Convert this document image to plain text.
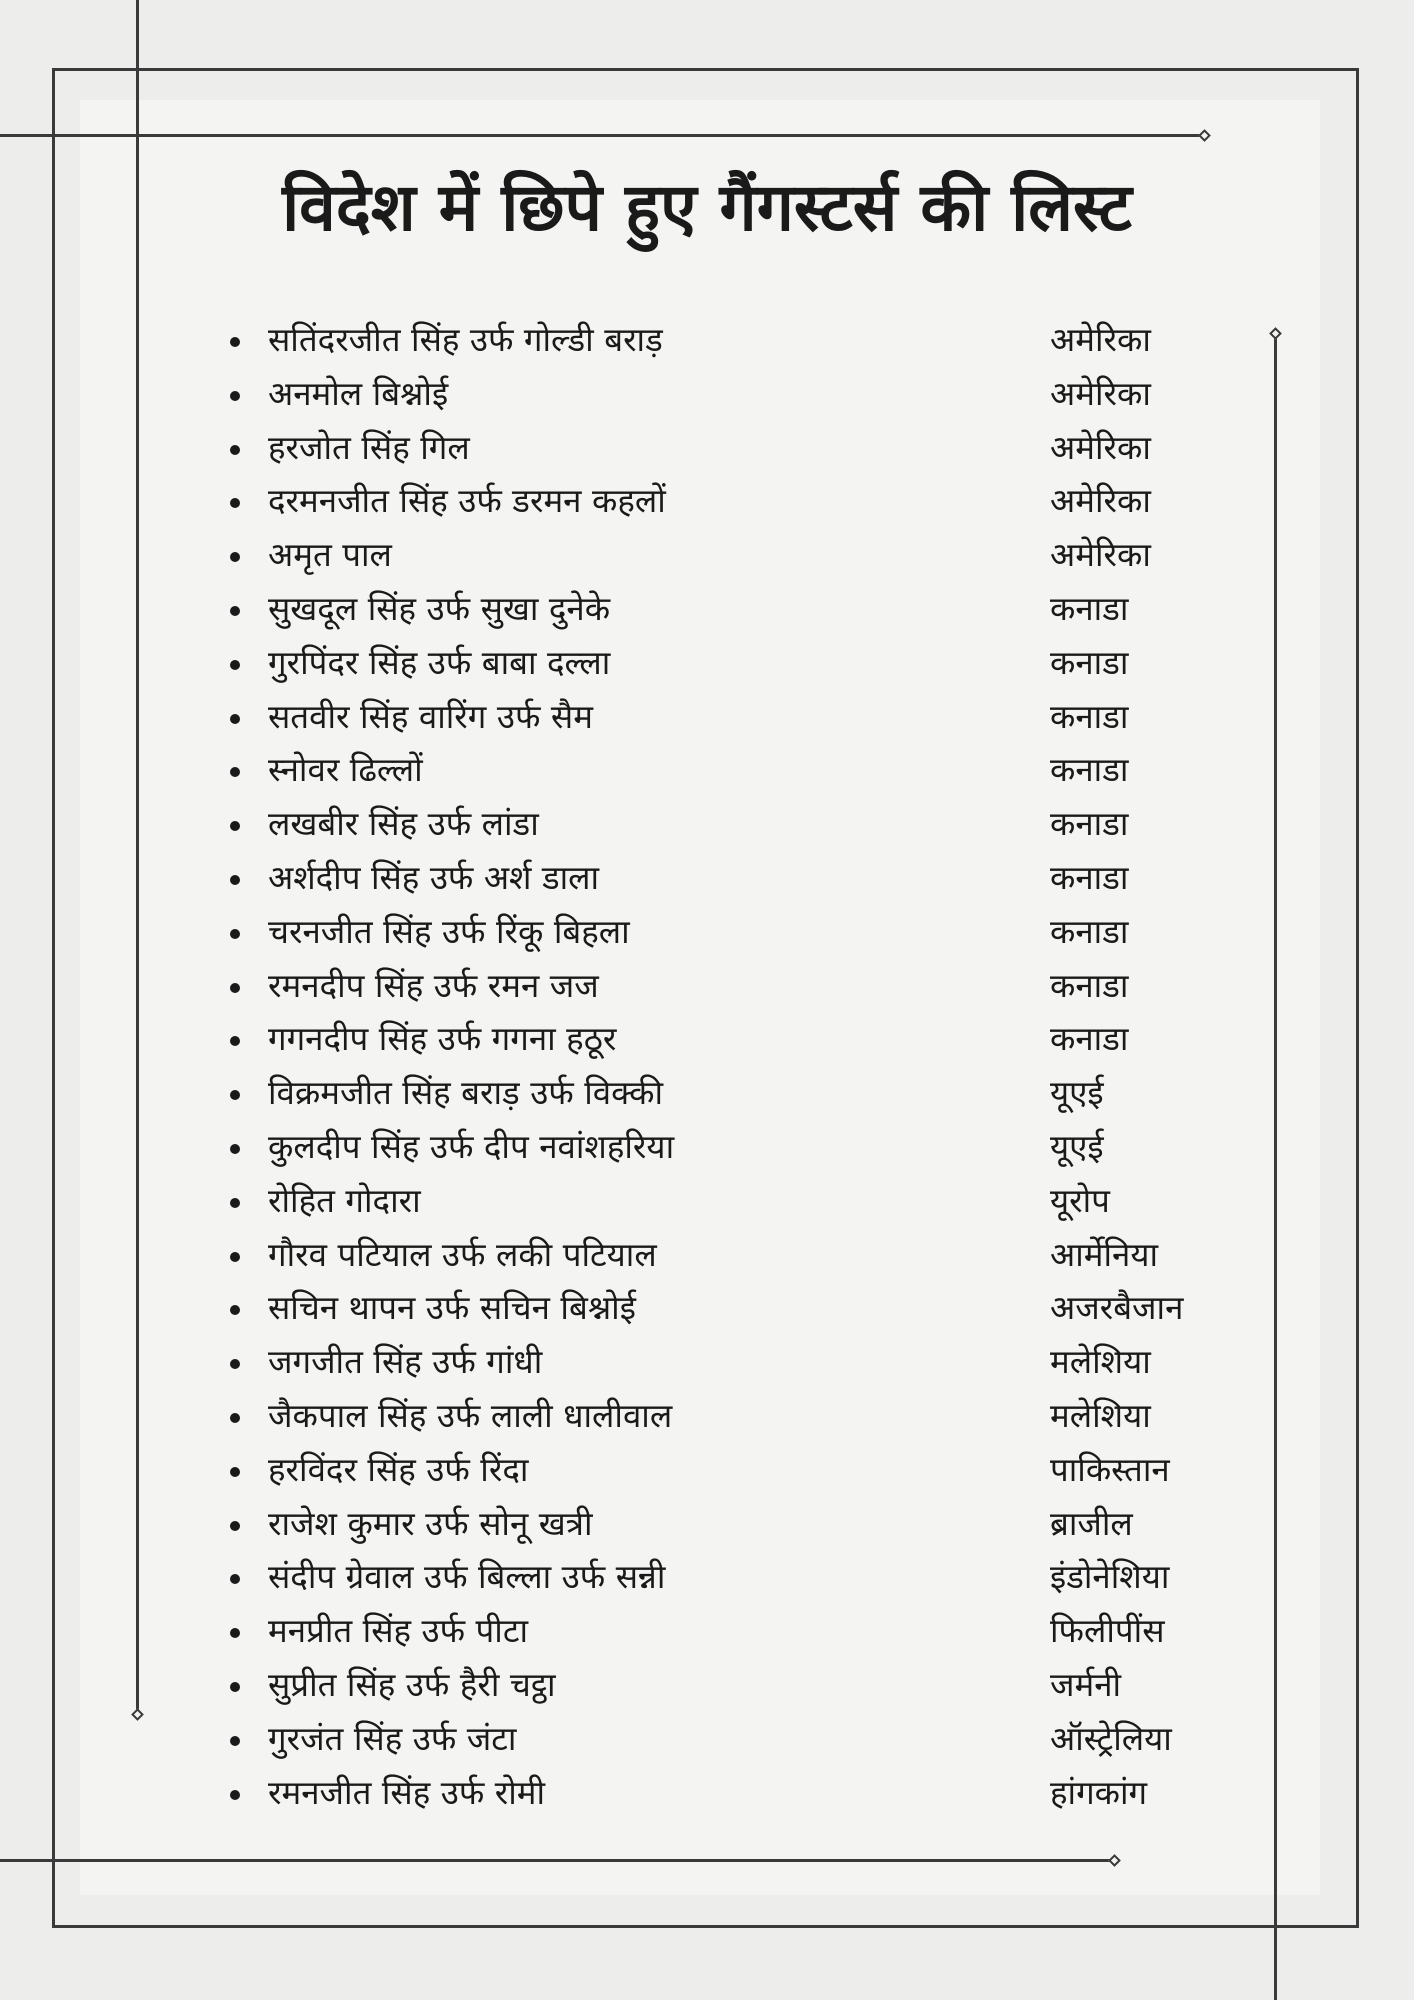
विदेश में छिपे हुए गैंगस्टर्स की लिस्ट
सतिंदरजीत सिंह उर्फ गोल्डी बराड़	अमेरिका
अनमोल बिश्नोई	अमेरिका
हरजोत सिंह गिल	अमेरिका
दरमनजीत सिंह उर्फ डरमन कहलों	अमेरिका
अमृत पाल	अमेरिका
सुखदूल सिंह उर्फ सुखा दुनेके	कनाडा
गुरपिंदर सिंह उर्फ बाबा दल्ला	कनाडा
सतवीर सिंह वारिंग उर्फ सैम	कनाडा
स्नोवर ढिल्लों	कनाडा
लखबीर सिंह उर्फ लांडा	कनाडा
अर्शदीप सिंह उर्फ अर्श डाला	कनाडा
चरनजीत सिंह उर्फ रिंकू बिहला	कनाडा
रमनदीप सिंह उर्फ रमन जज	कनाडा
गगनदीप सिंह उर्फ गगना हठूर	कनाडा
विक्रमजीत सिंह बराड़ उर्फ विक्की	यूएई
कुलदीप सिंह उर्फ दीप नवांशहरिया	यूएई
रोहित गोदारा	यूरोप
गौरव पटियाल उर्फ लकी पटियाल	आर्मेनिया
सचिन थापन उर्फ सचिन बिश्नोई	अजरबैजान
जगजीत सिंह उर्फ गांधी	मलेशिया
जैकपाल सिंह उर्फ लाली धालीवाल	मलेशिया
हरविंदर सिंह उर्फ रिंदा	पाकिस्तान
राजेश कुमार उर्फ सोनू खत्री	ब्राजील
संदीप ग्रेवाल उर्फ बिल्ला उर्फ सन्नी	इंडोनेशिया
मनप्रीत सिंह उर्फ पीटा	फिलीपींस
सुप्रीत सिंह उर्फ हैरी चट्ठा	जर्मनी
गुरजंत सिंह उर्फ जंटा	ऑस्ट्रेलिया
रमनजीत सिंह उर्फ रोमी	हांगकांग
